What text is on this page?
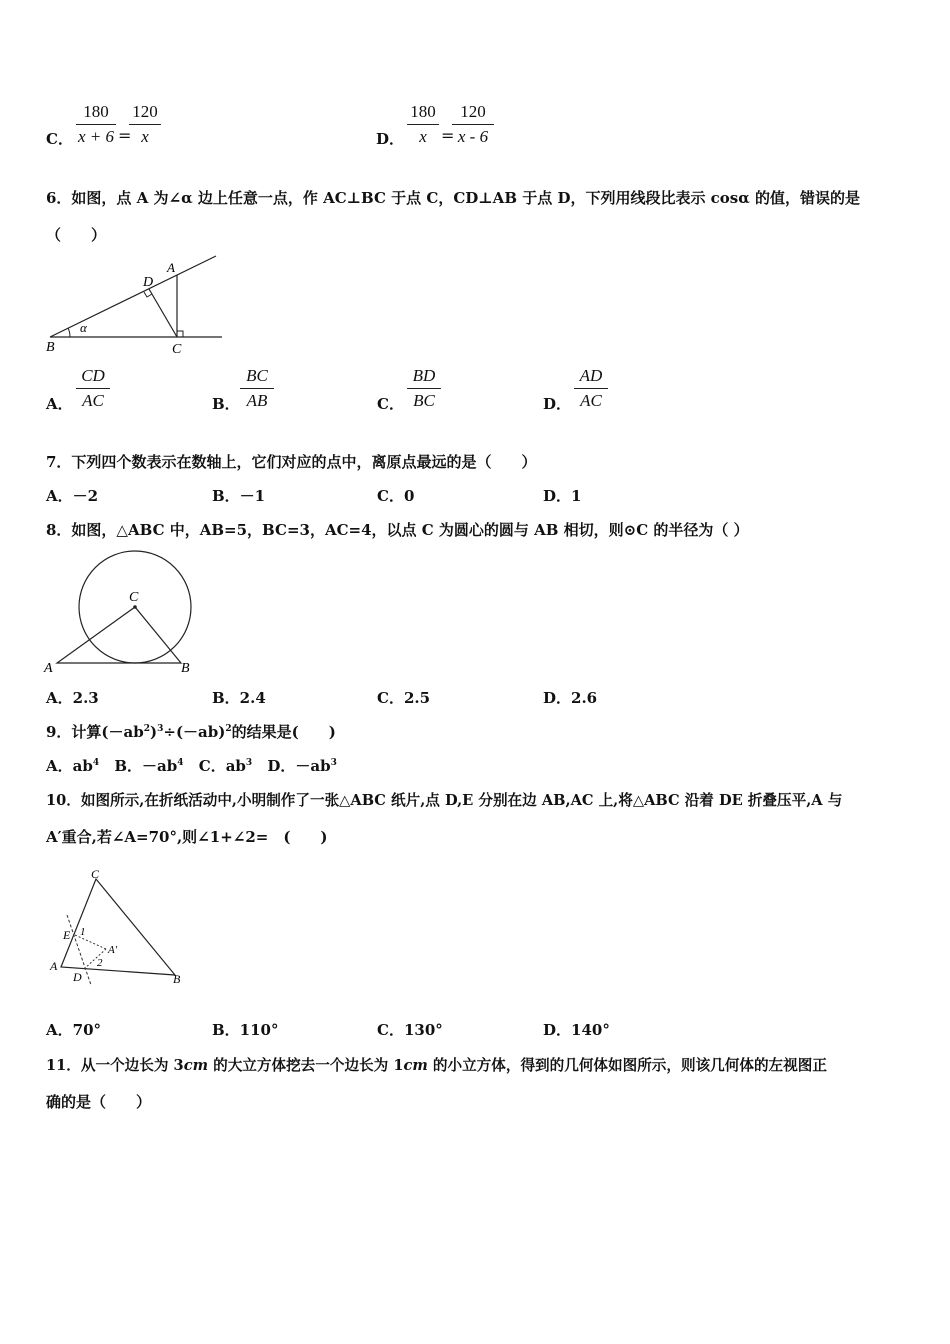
C． $\frac{180}{x + 6}$ =
$\frac{120}{x}$	D． $\frac{180}{x}$ =
$\frac{120}{x - 6}$
6．如图，点 A 为∠α 边上任意一点，作 AC⊥BC 于点 C，CD⊥AB 于点 D，下列用线段比表示 cosα 的值，错误的是
（　　）
α
B	C
D
A
A． $\frac{CD}{AC}$	B． $\frac{BC}{AB}$	C． $\frac{BD}{BC}$	D． $\frac{AD}{AC}$
7．下列四个数表示在数轴上，它们对应的点中，离原点最远的是（　　）
A．－2	B．－1	C．0	D．1
8．如图，△ABC 中，AB=5，BC=3，AC=4，以点 C 为圆心的圆与 AB 相切，则⊙C 的半径为（ ）
C
A	B
A．2.3	B．2.4	C．2.5	D．2.6
9．计算$(-ab^2)^3\div(-ab)^2$的结果是(　　)
A．$ab^4$ B．$-ab^4$ C．$ab^3$ D．$-ab^3$
10．如图所示,在折纸活动中,小明制作了一张△ABC 纸片,点 D,E 分别在边 AB,AC 上,将△ABC 沿着 DE 折叠压平,A 与
A′重合,若∠A=70°,则∠1+∠2=　(　　)
C
E 1
A′
2
A
D	B
A．70°	B．110°	C．130°	D．140°
11．从一个边长为 3cm 的大立方体挖去一个边长为 1cm 的小立方体，得到的几何体如图所示，则该几何体的左视图正
确的是（　　）
